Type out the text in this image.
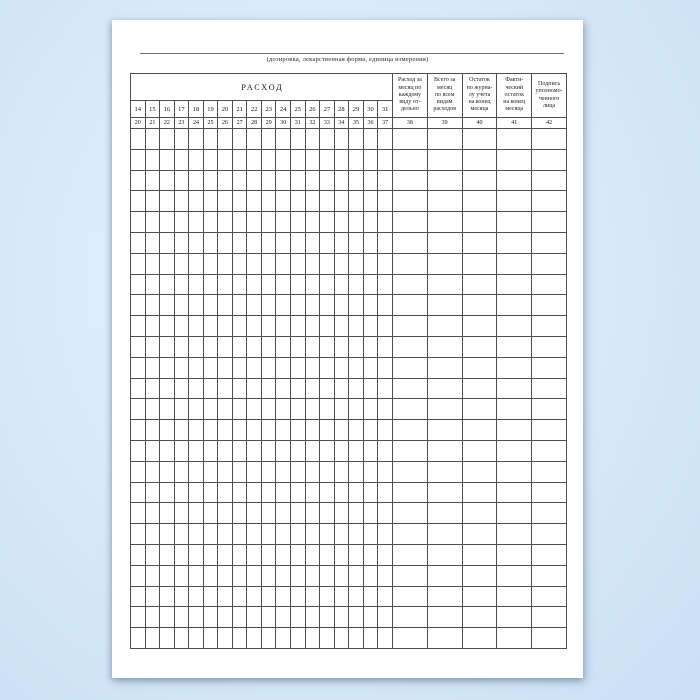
(дозировка, лекарственная форма, единица измерения)
РАСХОД	
Расход за
месяц по
каждому
виду от-
дельно

Всего за
месяц
по всем
видам
расходов

Остаток
по журна-
лу учета
на конец
месяца

Факти-
ческий
остаток
на конец
месяца

Подпись
уполномо-
ченного
лица

14	15	16	17	18	19	20	21	22	23	24	25	26	27	28	29	30	31					
20	21	22	23	24	25	26	27	28	29	30	31	32	33	34	35	36	37	38	39	40	41	42
